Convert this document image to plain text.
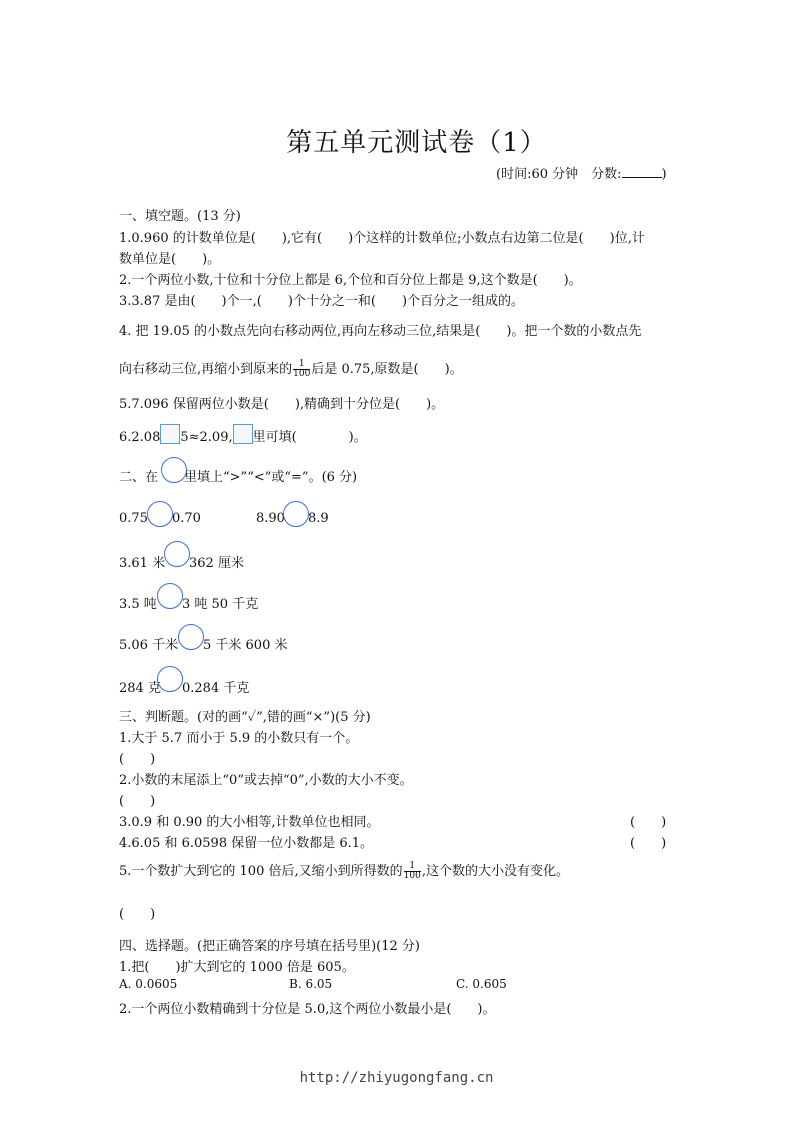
第五单元测试卷（1）
(时间:60 分钟　分数:	)
一、填空题。(13 分)
1.0.960 的计数单位是(　　),它有(　　)个这样的计数单位;小数点右边第二位是(　　)位,计
数单位是(　　)。
2.一个两位小数,十位和十分位上都是 6,个位和百分位上都是 9,这个数是(　　)。
3.3.87 是由(　　)个一,(　　)个十分之一和(　　)个百分之一组成的。
4. 把 19.05 的小数点先向右移动两位,再向左移动三位,结果是(　　)。把一个数的小数点先
向右移动三位,再缩小到原来的 $\frac{1}{100}$ 后是 0.75,原数是(　　)。
5.7.096 保留两位小数是(　　),精确到十分位是(　　)。
6.2.08 5≈2.09, 里可填(　　　　)。
二、在 里填上“>”“<”或“=”。(6 分)
0.75 0.70	8.90 8.9
3.61 米 362 厘米
3.5 吨 3 吨 50 千克
5.06 千米 5 千米 600 米
284 克 0.284 千克
三、判断题。(对的画“✓”,错的画“×”)(5 分)
1.大于 5.7 而小于 5.9 的小数只有一个。
(　　)
2.小数的末尾添上“0”或去掉“0”,小数的大小不变。
(　　)
3.0.9 和 0.90 的大小相等,计数单位也相同。	(　　)
4.6.05 和 6.0598 保留一位小数都是 6.1。	(　　)
5.一个数扩大到它的 100 倍后,又缩小到所得数的 $\frac{1}{100}$ ,这个数的大小没有变化。
(　　)
四、选择题。(把正确答案的序号填在括号里)(12 分)
1.把(　　)扩大到它的 1000 倍是 605。
A. 0.0605	B. 6.05	C. 0.605
2.一个两位小数精确到十分位是 5.0,这个两位小数最小是(　　)。
http://zhiyugongfang.cn
